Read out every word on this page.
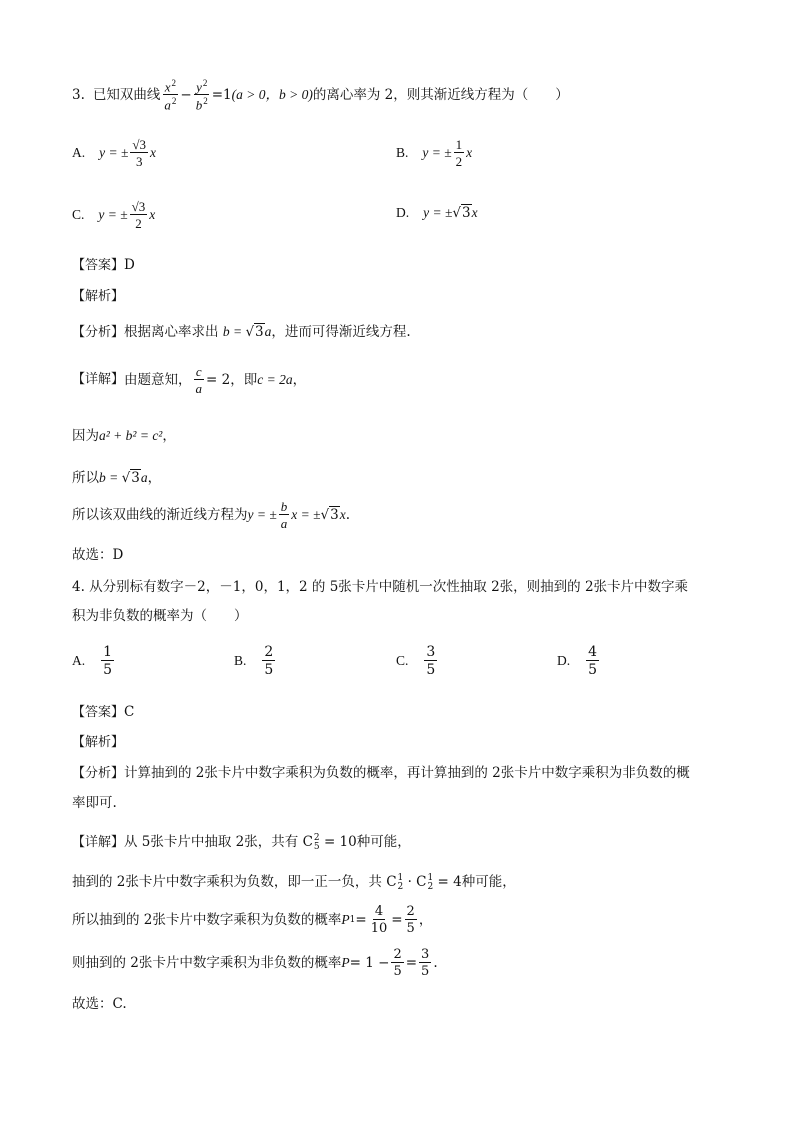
3. 已知双曲线 $\frac{x^2}{a^2} - \frac{y^2}{b^2} =1$ (a > 0，b > 0) 的离心率为 2，则其渐近线方程为（　　）
A. y = ± $\frac{√3}{3}$ x	B. y = ± $\frac{1}{2}$ x
C. y = ± $\frac{√3}{2}$ x	D. y = ± √3 x
【答案】D
【解析】
【分析】根据离心率求出 b = √3a，进而可得渐近线方程.
【详解】 由题意知， $\frac{c}{a} = 2$ ，即 c = 2a ，
因为a² + b² = c²，
所以b = √3a，
所以该双曲线的渐近线方程为 y = ± $\frac{b}{a}$ x = ± √3 x .
故选：D
4. 从分别标有数字－2，－1，0，1，2 的 5张卡片中随机一次性抽取 2张，则抽到的 2张卡片中数字乘
积为非负数的概率为（　　）
A. $\frac{1}{5}$	B. $\frac{2}{5}$	C. $\frac{3}{5}$	D. $\frac{4}{5}$
【答案】C
【解析】
【分析】计算抽到的 2张卡片中数字乘积为负数的概率，再计算抽到的 2张卡片中数字乘积为非负数的概
率即可.
【详解】从 5张卡片中抽取 2张，共有 C 2
5 = 10种可能，
抽到的 2张卡片中数字乘积为负数，即一正一负，共 C 1
2 · C 1
2 = 4种可能，
所以抽到的 2张卡片中数字乘积为负数的概率 P $1 = \frac{4}{10} = \frac{2}{5}$ ，
则抽到的 2张卡片中数字乘积为非负数的概率 $P = 1 - \frac{2}{5} = \frac{3}{5}$ .
故选：C.
